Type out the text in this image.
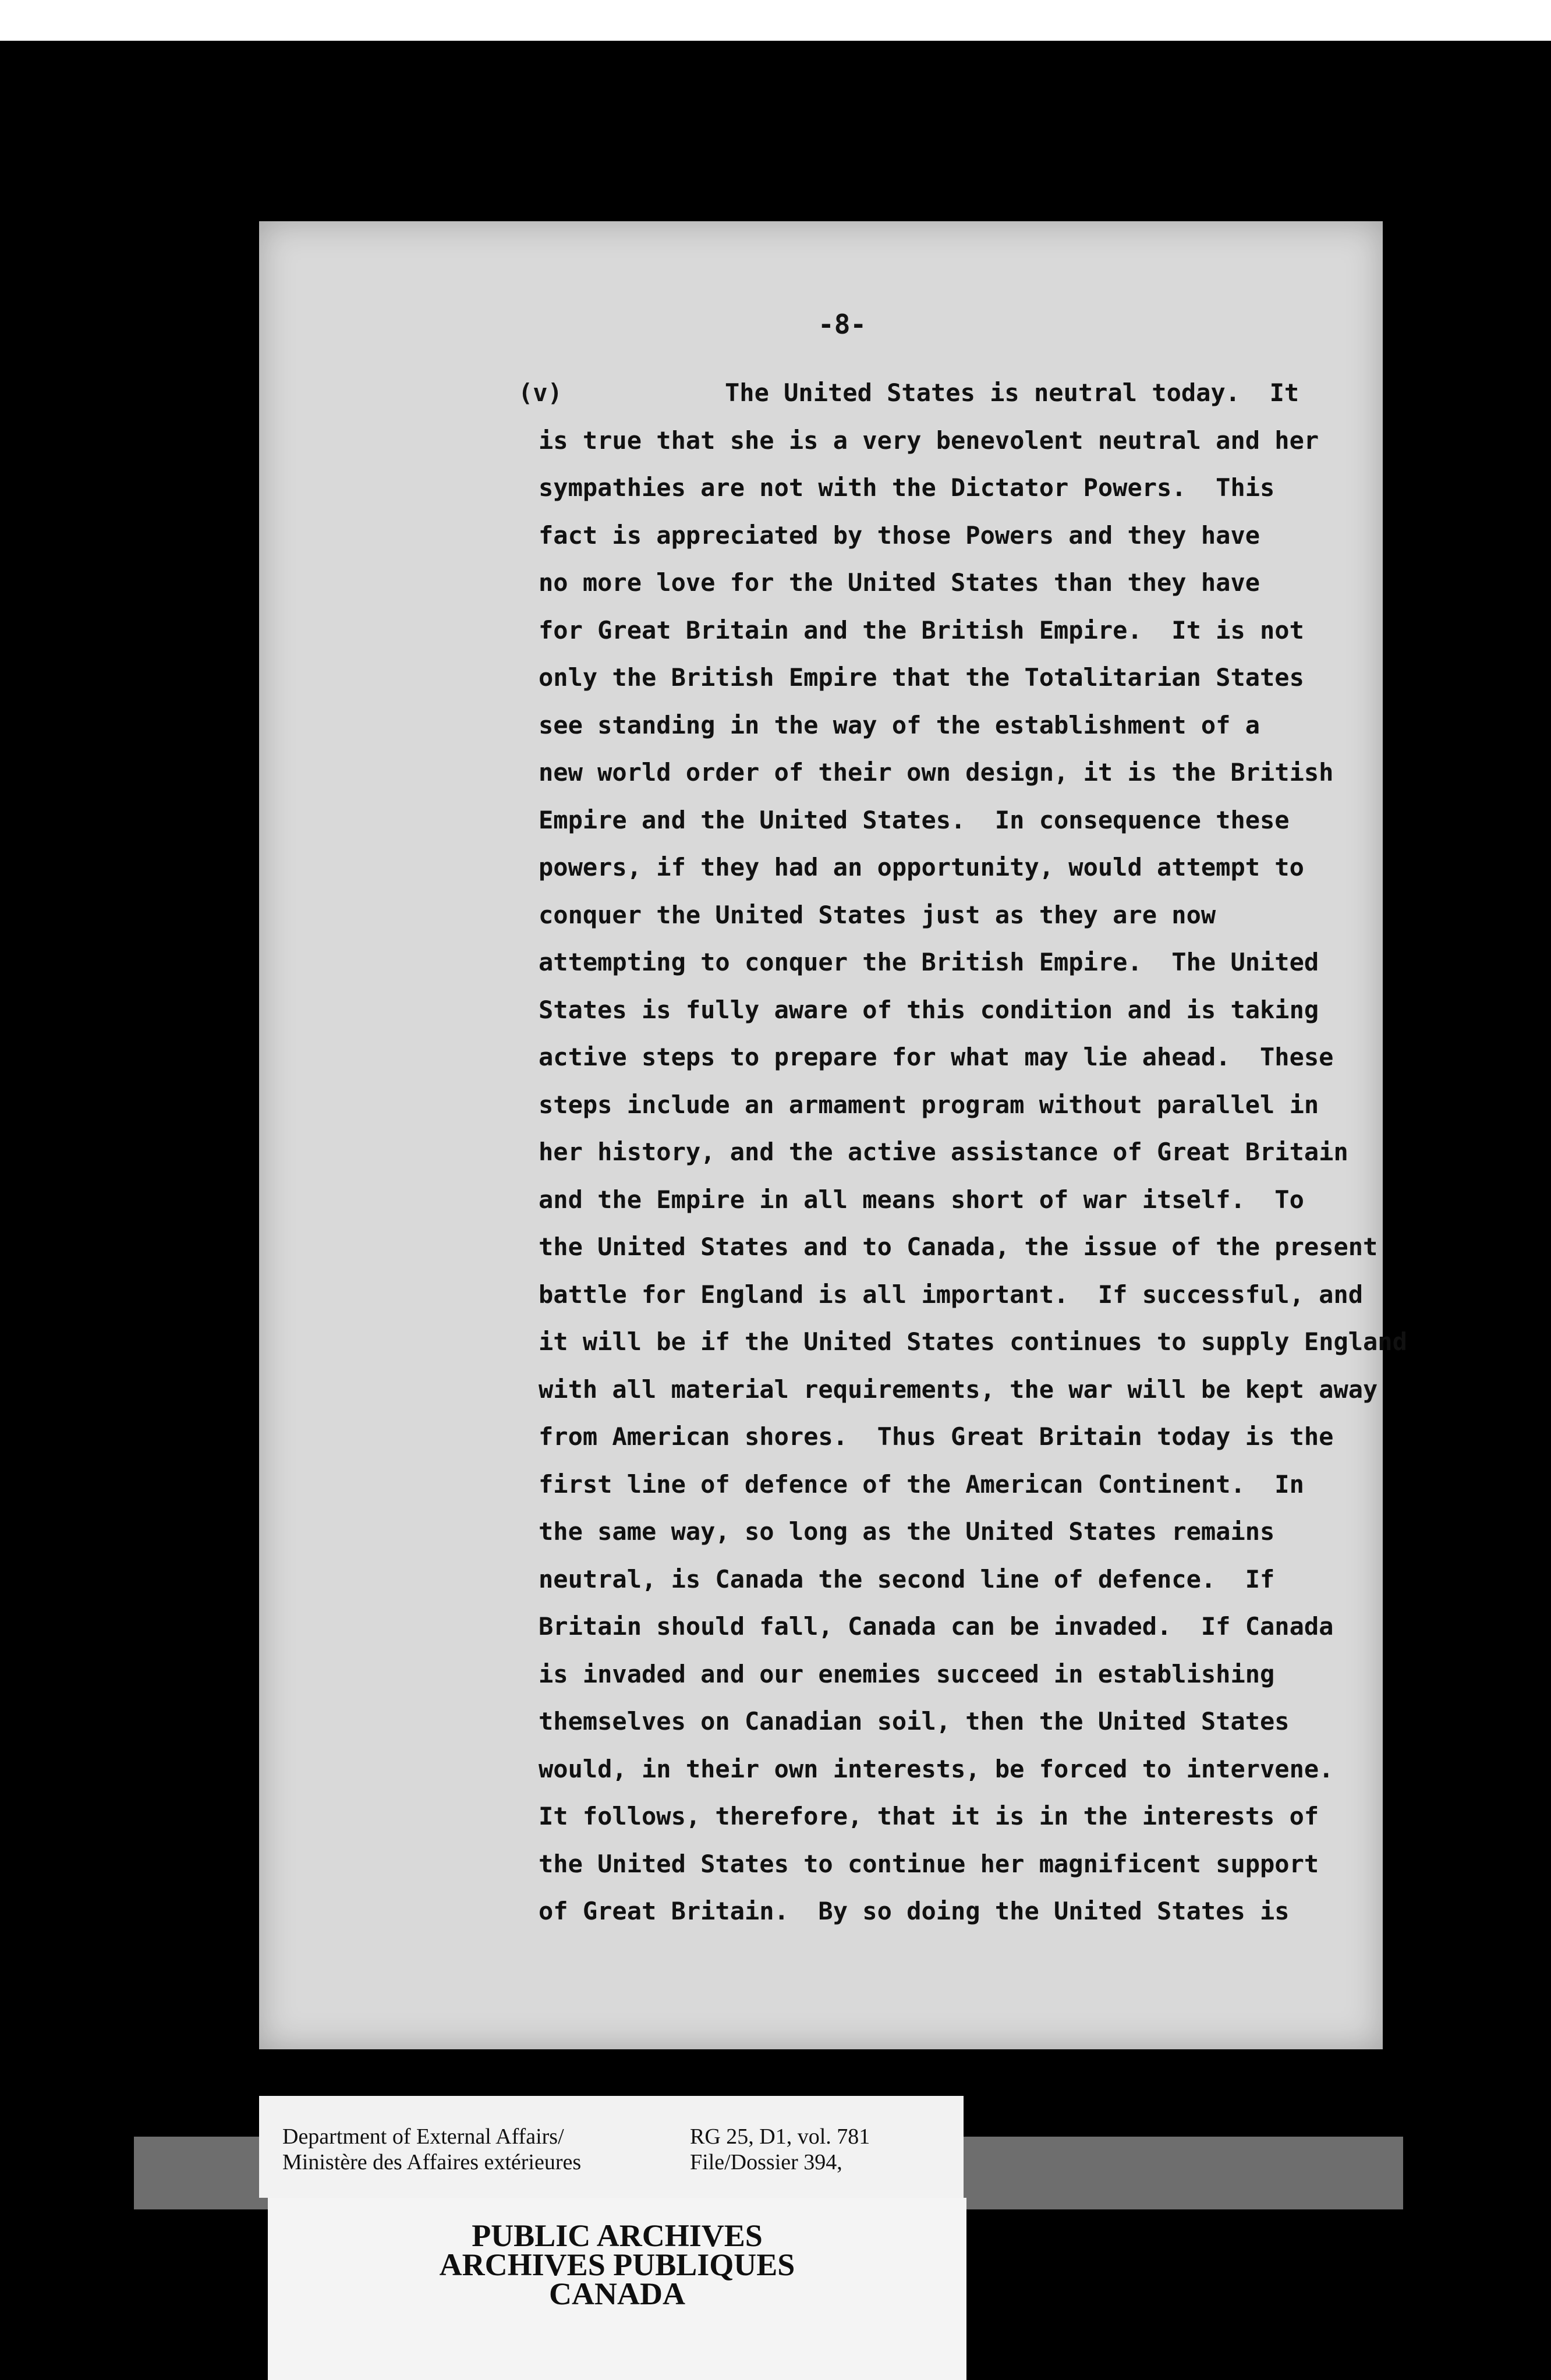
-8-
(v)	The United States is neutral today.  It
is true that she is a very benevolent neutral and her
sympathies are not with the Dictator Powers.  This
fact is appreciated by those Powers and they have
no more love for the United States than they have
for Great Britain and the British Empire.  It is not
only the British Empire that the Totalitarian States
see standing in the way of the establishment of a
new world order of their own design, it is the British
Empire and the United States.  In consequence these
powers, if they had an opportunity, would attempt to
conquer the United States just as they are now
attempting to conquer the British Empire.  The United
States is fully aware of this condition and is taking
active steps to prepare for what may lie ahead.  These
steps include an armament program without parallel in
her history, and the active assistance of Great Britain
and the Empire in all means short of war itself.  To
the United States and to Canada, the issue of the present
battle for England is all important.  If successful, and
it will be if the United States continues to supply England
with all material requirements, the war will be kept away
from American shores.  Thus Great Britain today is the
first line of defence of the American Continent.  In
the same way, so long as the United States remains
neutral, is Canada the second line of defence.  If
Britain should fall, Canada can be invaded.  If Canada
is invaded and our enemies succeed in establishing
themselves on Canadian soil, then the United States
would, in their own interests, be forced to intervene.
It follows, therefore, that it is in the interests of
the United States to continue her magnificent support
of Great Britain.  By so doing the United States is
Department of External Affairs/
Ministère des Affaires extérieures
RG 25, D1, vol. 781
File/Dossier 394,
PUBLIC ARCHIVES
ARCHIVES PUBLIQUES
CANADA
